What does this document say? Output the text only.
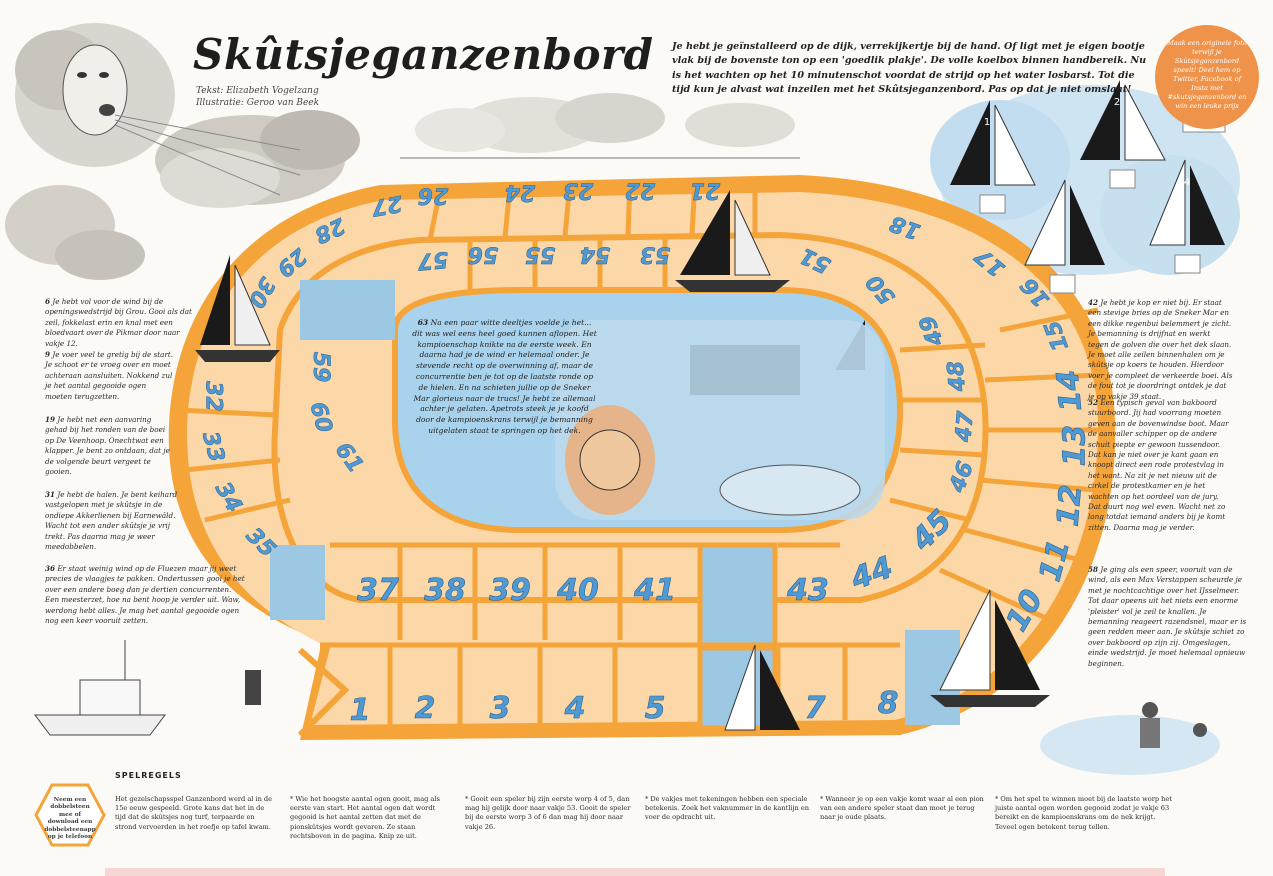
1 2 3 4 5	7 8
10
11
12
13
14
15
16
17
18
21
22
23
24
26
27
28
29
30
32
33
34
35
37 38 39 40 41	43 44
45
46
47
48
49
50
51
53
54
55
56
57
59
60
61
1
2
3
4
Skûtsjeganzenbord
Tekst: Elizabeth Vogelzang
Illustratie: Geroo van Beek
Je hebt je geïnstalleerd op de dijk, verrekijkertje bij de hand. Of ligt met je eigen bootje vlak bij de bovenste ton op een 'goedlik plakje'. De volle koelbox binnen handbereik. Nu is het wachten op het 10 minutenschot voordat de strijd op het water losbarst. Tot die tijd kun je alvast wat inzeilen met het Skûtsjeganzenbord. Pas op dat je niet omslaat!
Maak een originele foto terwijl je Skûtsjeganzenbord speelt! Deel hem op Twitter, Facebook of Insta met #skutsjeganzenbord en win een leuke prijs
63 Na een paar witte deeltjes voelde je het... dit was wel eens heel goed kunnen aflopen. Het kampioenschap knikte na de eerste week. En daarna had je de wind er helemaal onder. Je stevende recht op de overwinning af, maar de concurrentie ben je tot op de laatste ronde op de hielen. En na schieten jullie op de Sneker Mar glorieus naar de trucs! Je hebt ze allemaal achter je gelaten. Apetrots steek je je koofd door de kampioenskrans terwijl je bemanning uitgelaten staat te springen op het dek.
6 Je hebt vol voor de wind bij de openingswedstrijd bij Grou. Gooi als dat zeil, fokkelast erin en knal met een bloedvaart over de Pikmar door naar vakje 12.
9 Je voer veel te gretig bij de start. Je schoot er te vroeg over en moet achteraan aansluiten. Nokkend zul je het aantal gegooide ogen moeten terugzetten.
19 Je hebt net een aanvaring gehad bij het ronden van de boei op De Veenhoop. Onechtwat een klapper. Je bent zo ontdaan, dat je de volgende beurt vergeet te gooien.
31 Je hebt de halen. Je bent keihard vastgelopen met je skûtsje in de ondiepe Akkerlienen bij Earnewâld. Wacht tot een ander skûtsje je vrij trekt. Pas daarna mag je weer meedobbelen.
36 Er staat weinig wind op de Fluezen maar jij weet precies de vlaagjes te pakken. Ondertussen gooi je het over een andere boeg dan je dertien concurrenten. Een meesterzet, hoe na bent hoop je verder uit. Waw, werdong hebt alles. Je mag het aantal gegooide ogen nog een keer vooruit zetten.
42 Je hebt je kop er niet bij. Er staat een stevige bries op de Sneker Mar en een dikke regenbui belemmert je zicht. Je bemanning is drijfnat en werkt tegen de golven die over het dek slaan. Je moet alle zeilen binnenhalen om je skûtsje op koers te houden. Hierdoor voer je compleet de verkeerde boei. Als de fout tot je doordringt ontdek je dat je op vakje 39 staat.
52 Een typisch geval van bakboord stuurboord. Jij had voorrang moeten geven aan de bovenwindse boot. Maar de aanvaller schipper op de andere schuit piepte er gewoon tussendoor. Dat kan je niet over je kant gaan en knoopt direct een rode protestvlag in het want. Na zit je net nieuw uit de cirkel de protestkamer en je het wachten op het oordeel van de jury. Dat duurt nog wel even. Wacht net zo lang totdat iemand anders bij je komt zitten. Daarna mag je verder.
58 Je ging als een speer, vooruit van de wind, als een Max Verstappen scheurde je met je nochtcachtige over het IJsselmeer. Tot daar opeens uit het niets een enorme 'pleister' vol je zeil te knallen. Je bemanning reageert razendsnel, maar er is geen redden meer aan. Je skûtsje schiet zo over bakboord op zijn zij. Omgeslagen, einde wedstrijd. Je moet helemaal opnieuw beginnen.
Neem een dobbelsteen mee of download een dobbelsteenapp op je telefoon
SPELREGELS
Het gezelschapsspel Ganzenbord werd al in de 15e eeuw gespeeld. Grote kans dat het in de tijd dat de skûtsjes nog turf, terpaarde en strond vervoerden in het roefje op tafel kwam.
* Wie het hoogste aantal ogen gooit, mag als eerste van start. Het aantal ogen dat wordt gegooid is het aantal zetten dat met de pionskûtsjes wordt gevaren. Ze staan rechtsboven in de pagina. Knip ze uit.
* Gooit een speler bij zijn eerste worp 4 of 5, dan mag hij gelijk door naar vakje 53. Gooit de speler bij de eerste worp 3 of 6 dan mag hij door naar vakje 26.
* De vakjes met tekeningen hebben een speciale betekenis. Zoek het vaknummer in de kantlijn en voer de opdracht uit.
* Wanneer je op een vakje komt waar al een pion van een andere speler staat dan moet je terug naar je oude plaats.
* Om het spel te winnen moet bij de laatste worp het juiste aantal ogen worden gegooid zodat je vakje 63 bereikt en de kampioenskrans om de nek krijgt. Teveel ogen betekent terug tellen.
